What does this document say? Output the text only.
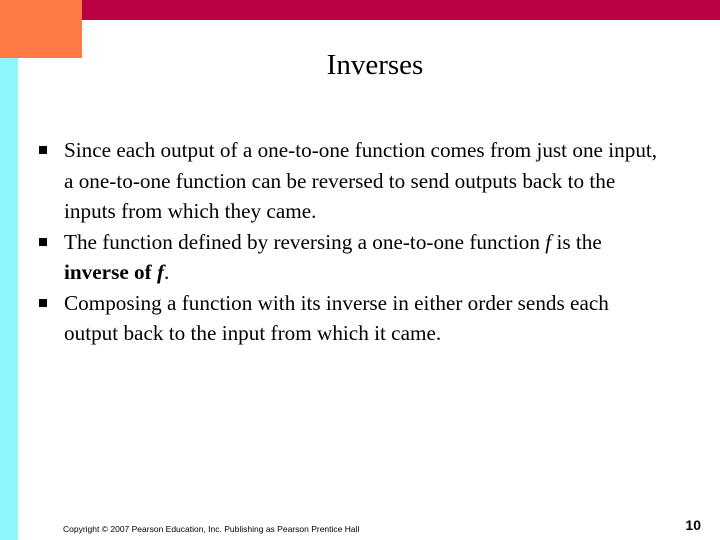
Inverses
Since each output of a one-to-one function comes from just one input, a one-to-one function can be reversed to send outputs back to the inputs from which they came.
The function defined by reversing a one-to-one function f is the inverse of f.
Composing a function with its inverse in either order sends each output back to the input from which it came.
Copyright © 2007 Pearson Education, Inc. Publishing as Pearson Prentice Hall	10
